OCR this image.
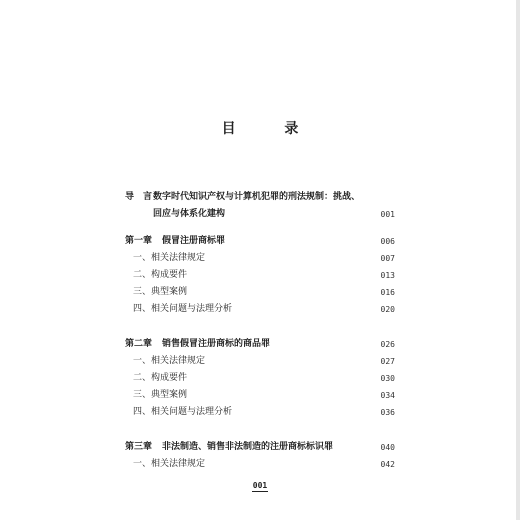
目 录
导　言 数字时代知识产权与计算机犯罪的刑法规制：挑战、
回应与体系化建构	001
第一章 假冒注册商标罪	006
一、相关法律规定	007
二、构成要件	013
三、典型案例	016
四、相关问题与法理分析	020
第二章 销售假冒注册商标的商品罪	026
一、相关法律规定	027
二、构成要件	030
三、典型案例	034
四、相关问题与法理分析	036
第三章 非法制造、销售非法制造的注册商标标识罪	040
一、相关法律规定	042
001
